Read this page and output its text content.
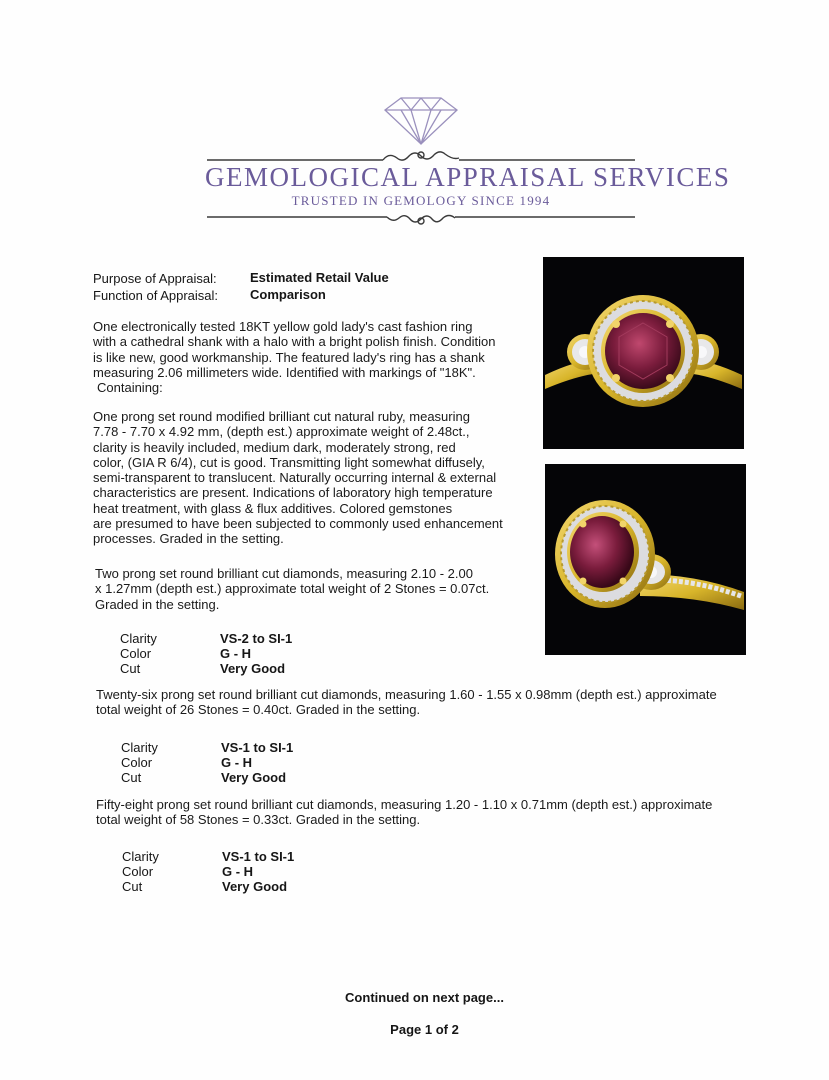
GEMOLOGICAL APPRAISAL SERVICES
TRUSTED IN GEMOLOGY SINCE 1994
Purpose of Appraisal:	Estimated Retail Value
Function of Appraisal: Comparison
One electronically tested 18KT yellow gold lady's cast fashion ring
with a cathedral shank with a halo with a bright polish finish. Condition
is like new, good workmanship. The featured lady's ring has a shank
measuring 2.06 millimeters wide. Identified with markings of "18K".
Containing:
One prong set round modified brilliant cut natural ruby, measuring
7.78 - 7.70 x 4.92 mm, (depth est.) approximate weight of 2.48ct.,
clarity is heavily included, medium dark, moderately strong, red
color, (GIA R 6/4), cut is good. Transmitting light somewhat diffusely,
semi-transparent to translucent. Naturally occurring internal & external
characteristics are present. Indications of laboratory high temperature
heat treatment, with glass & flux additives. Colored gemstones
are presumed to have been subjected to commonly used enhancement
processes. Graded in the setting.
Two prong set round brilliant cut diamonds, measuring 2.10 - 2.00
x 1.27mm (depth est.) approximate total weight of 2 Stones = 0.07ct.
Graded in the setting.
Clarity	VS-2 to SI-1
Color	G - H
Cut	Very Good
Twenty-six prong set round brilliant cut diamonds, measuring 1.60 - 1.55 x 0.98mm (depth est.) approximate
total weight of 26 Stones = 0.40ct. Graded in the setting.
Clarity	VS-1 to SI-1
Color	G - H
Cut	Very Good
Fifty-eight prong set round brilliant cut diamonds, measuring 1.20 - 1.10 x 0.71mm (depth est.) approximate
total weight of 58 Stones = 0.33ct. Graded in the setting.
Clarity	VS-1 to SI-1
Color	G - H
Cut	Very Good
Continued on next page...
Page 1 of 2
